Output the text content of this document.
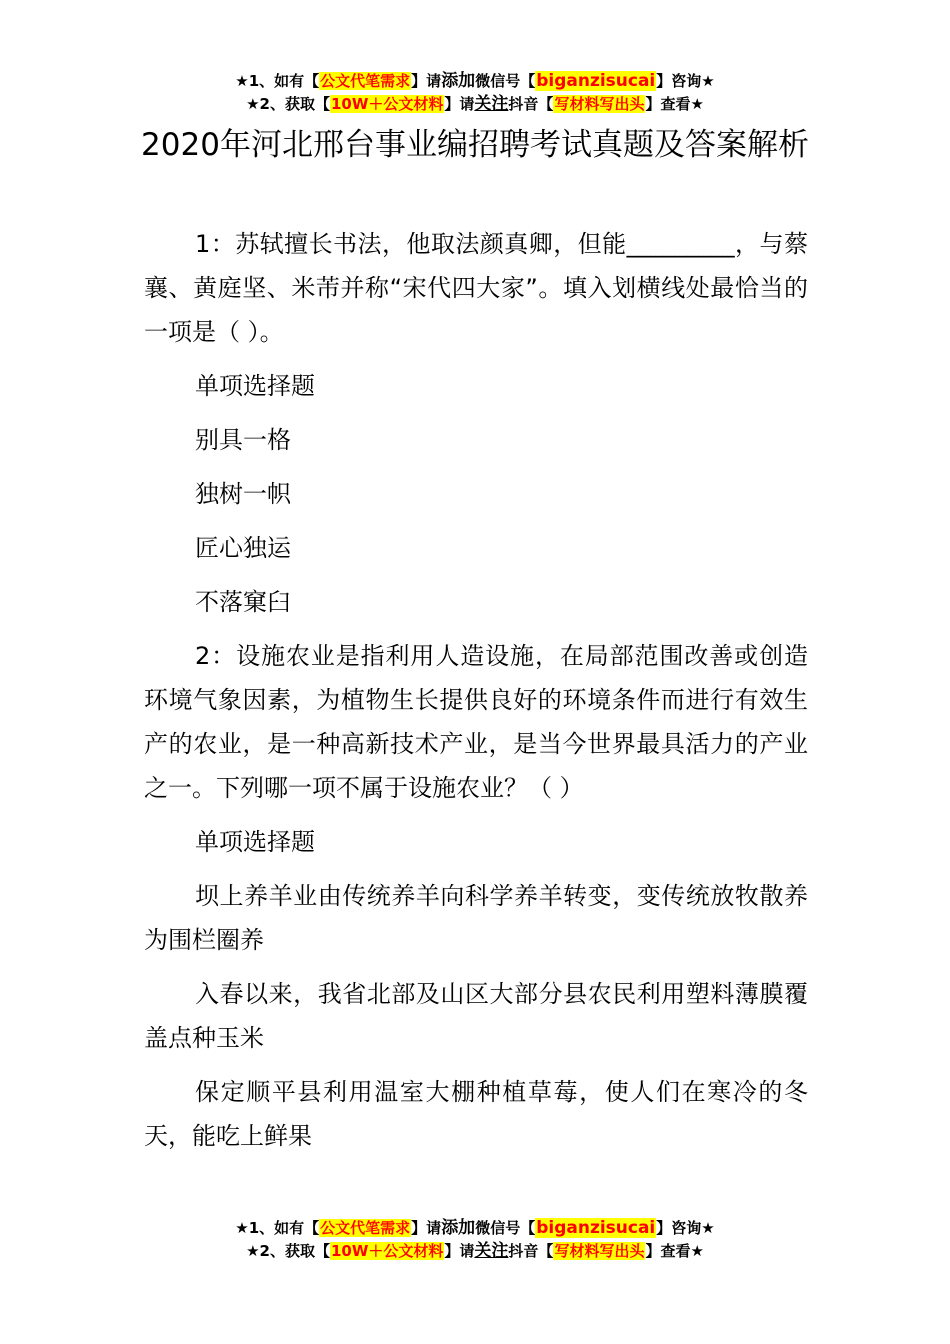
★1、如有【公文代笔需求】请添加微信号【biganzisucai】咨询★
★2、获取【10W＋公文材料】请关注抖音【写材料写出头】查看★
2020年河北邢台事业编招聘考试真题及答案解析

1：苏轼擅长书法，他取法颜真卿，但能_________，与蔡襄、黄庭坚、米芾并称“宋代四大家”。填入划横线处最恰当的一项是（ ）。

单项选择题

别具一格

独树一帜

匠心独运

不落窠臼

2：设施农业是指利用人造设施，在局部范围改善或创造环境气象因素，为植物生长提供良好的环境条件而进行有效生产的农业，是一种高新技术产业，是当今世界最具活力的产业之一。下列哪一项不属于设施农业？（ ）

单项选择题

坝上养羊业由传统养羊向科学养羊转变，变传统放牧散养为围栏圈养

入春以来，我省北部及山区大部分县农民利用塑料薄膜覆盖点种玉米

保定顺平县利用温室大棚种植草莓，使人们在寒冷的冬天，能吃上鲜果

★1、如有【公文代笔需求】请添加微信号【biganzisucai】咨询★
★2、获取【10W＋公文材料】请关注抖音【写材料写出头】查看★
